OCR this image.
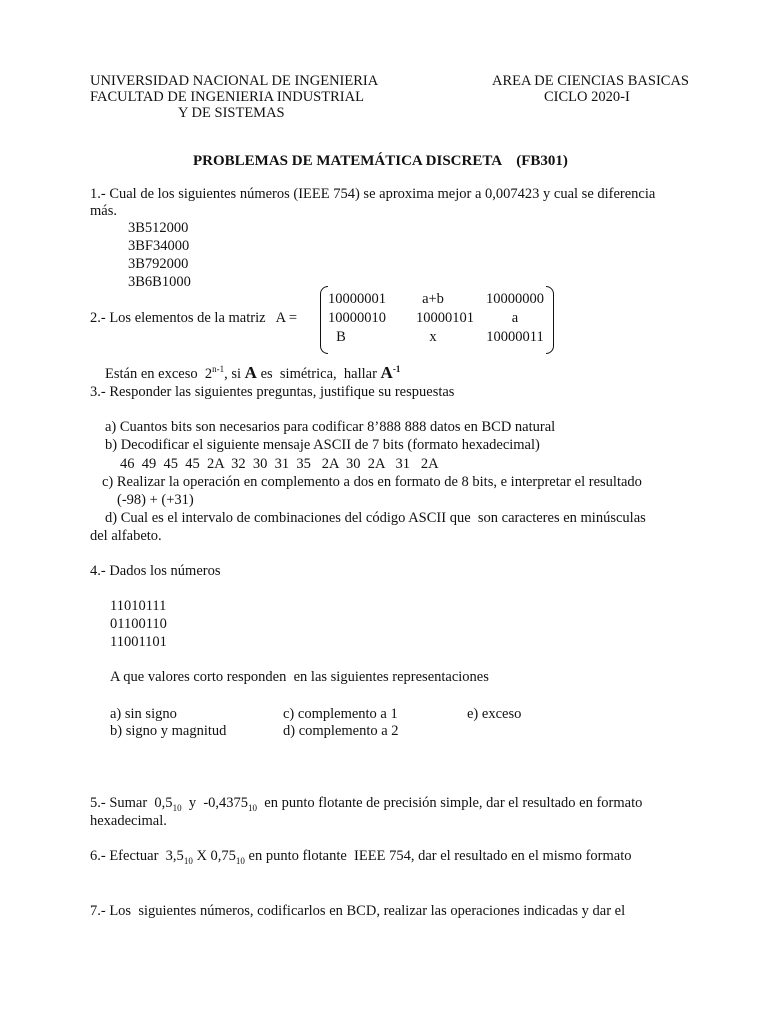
UNIVERSIDAD NACIONAL DE INGENIERIA
FACULTAD DE INGENIERIA INDUSTRIAL
Y DE SISTEMAS
AREA DE CIENCIAS BASICAS
CICLO 2020-I
PROBLEMAS DE MATEMÁTICA DISCRETA    (FB301)
1.- Cual de los siguientes números (IEEE 754) se aproxima mejor a 0,007423 y cual se diferencia
más.
3B512000
3BF34000
3B792000
3B6B1000
2.- Los elementos de la matriz   A =
10000001	a+b	10000000
10000010	10000101	a
B	x	10000011
Están en exceso  2$^{n-1}$, si A es  simétrica,  hallar $A^{-1}$
3.- Responder las siguientes preguntas, justifique su respuestas
a) Cuantos bits son necesarios para codificar 8’888 888 datos en BCD natural
b) Decodificar el siguiente mensaje ASCII de 7 bits (formato hexadecimal)
46  49  45  45  2A  32  30  31  35   2A  30  2A   31   2A
c) Realizar la operación en complemento a dos en formato de 8 bits, e interpretar el resultado
(-98) + (+31)
d) Cual es el intervalo de combinaciones del código ASCII que  son caracteres en minúsculas
del alfabeto.
4.- Dados los números
11010111
01100110
11001101
A que valores corto responden  en las siguientes representaciones
a) sin signo
b) signo y magnitud
c) complemento a 1
d) complemento a 2
e) exceso
5.- Sumar  $0,5_{10}$  y  $-0,4375_{10}$  en punto flotante de precisión simple, dar el resultado en formato
hexadecimal.
6.- Efectuar  $3,5_{10}$ X $0,75_{10}$ en punto flotante  IEEE 754, dar el resultado en el mismo formato
7.- Los  siguientes números, codificarlos en BCD, realizar las operaciones indicadas y dar el
